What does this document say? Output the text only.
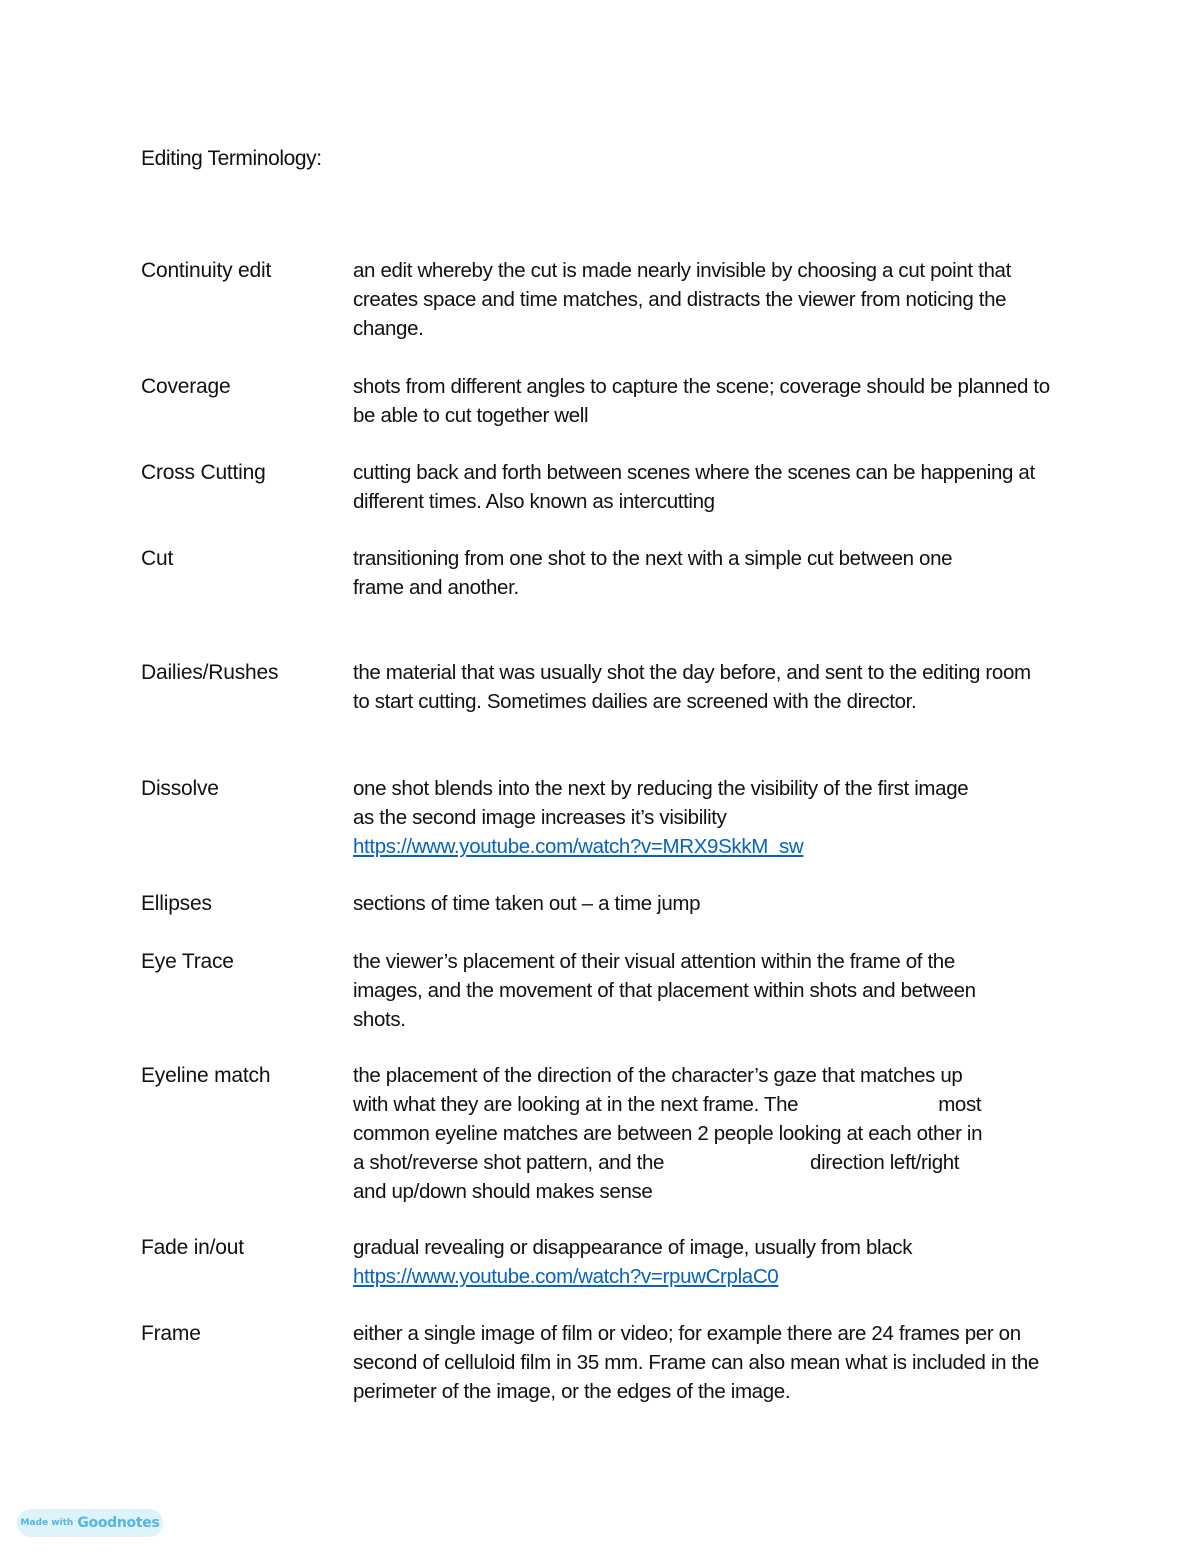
Editing Terminology:
Continuity edit	an edit whereby the cut is made nearly invisible by choosing a cut point that
creates space and time matches, and distracts the viewer from noticing the
change.
Coverage	shots from different angles to capture the scene; coverage should be planned to
be able to cut together well
Cross Cutting	cutting back and forth between scenes where the scenes can be happening at
different times. Also known as intercutting
Cut	transitioning from one shot to the next with a simple cut between one
frame and another.
Dailies/Rushes	the material that was usually shot the day before, and sent to the editing room
to start cutting. Sometimes dailies are screened with the director.
Dissolve	one shot blends into the next by reducing the visibility of the first image
as the second image increases it’s visibility
https://www.youtube.com/watch?v=MRX9SkkM_sw
Ellipses	sections of time taken out – a time jump
Eye Trace	the viewer’s placement of their visual attention within the frame of the
images, and the movement of that placement within shots and between
shots.
Eyeline match	the placement of the direction of the character’s gaze that matches up
with what they are looking at in the next frame. The	most
common eyeline matches are between 2 people looking at each other in
a shot/reverse shot pattern, and the	direction left/right
and up/down should makes sense
Fade in/out	gradual revealing or disappearance of image, usually from black
https://www.youtube.com/watch?v=rpuwCrplaC0
Frame	either a single image of film or video; for example there are 24 frames per on
second of celluloid film in 35 mm. Frame can also mean what is included in the
perimeter of the image, or the edges of the image.
Made with Goodnotes
